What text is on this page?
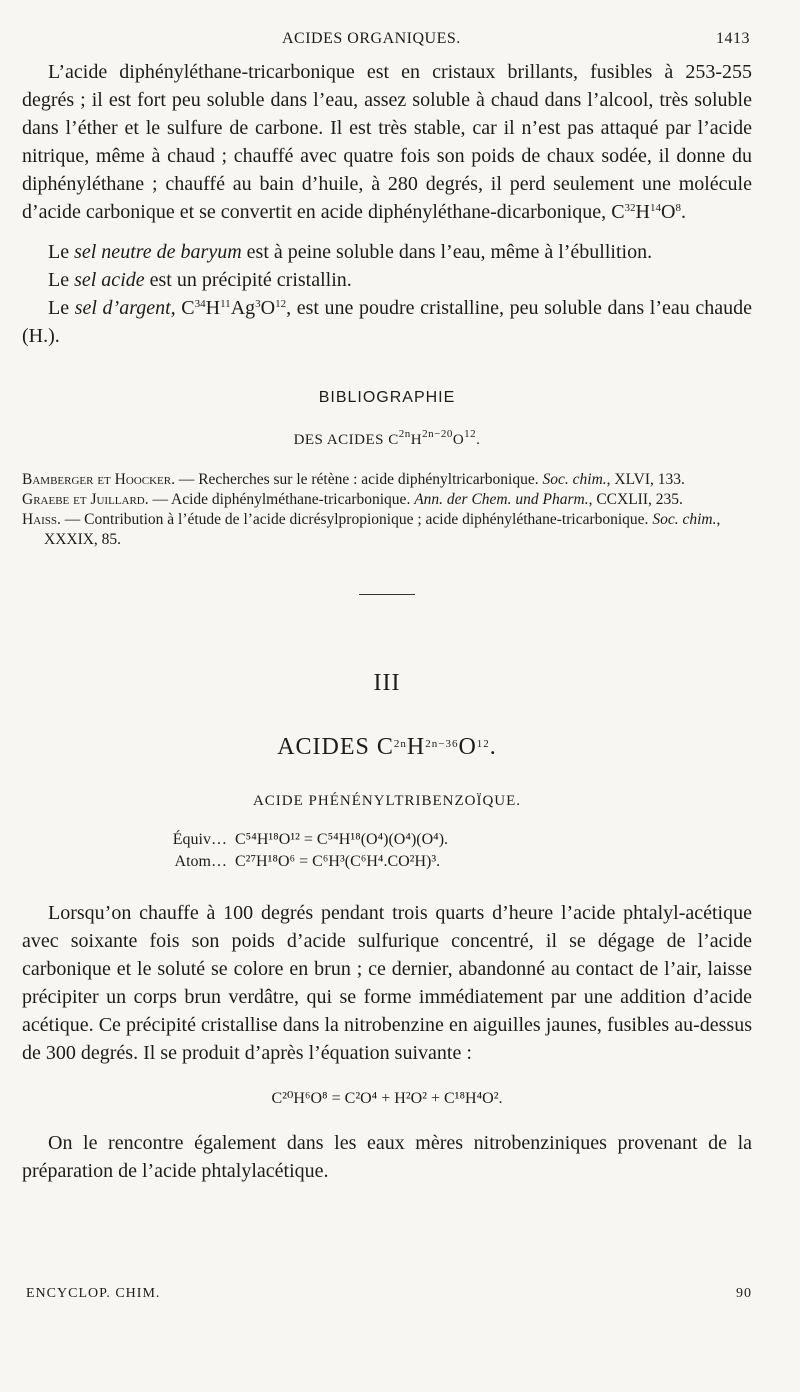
ACIDES ORGANIQUES.	1413

L’acide diphényléthane-tricarbonique est en cristaux brillants, fusibles à 253-255 degrés ; il est fort peu soluble dans l’eau, assez soluble à chaud dans l’alcool, très soluble dans l’éther et le sulfure de carbone. Il est très stable, car il n’est pas attaqué par l’acide nitrique, même à chaud ; chauffé avec quatre fois son poids de chaux sodée, il donne du diphényléthane ; chauffé au bain d’huile, à 280 degrés, il perd seulement une molécule d’acide carbonique et se convertit en acide diphényléthane-dicarbonique, $C^{32}H^{14}O^8$.

Le sel neutre de baryum est à peine soluble dans l’eau, même à l’ébullition.

Le sel acide est un précipité cristallin.

Le sel d’argent, $C^{34}H^{11}Ag^3O^{12}$, est une poudre cristalline, peu soluble dans l’eau chaude (H.).

BIBLIOGRAPHIE
DES ACIDES $C^{2n}H^{2n-20}O^{12}$.

Bamberger et Hoocker. — Recherches sur le rétène : acide diphényltricarbonique. Soc. chim., XLVI, 133.

Graebe et Juillard. — Acide diphénylméthane-tricarbonique. Ann. der Chem. und Pharm., CCXLII, 235.

Haiss. — Contribution à l’étude de l’acide dicrésylpropionique ; acide diphényléthane-tricarbonique. Soc. chim., XXXIX, 85.

III
ACIDES $C^{2n}H^{2n-36}O^{12}$.
ACIDE PHÉNÉNYLTRIBENZOÏQUE.
Équiv… C⁵⁴H¹⁸O¹² = C⁵⁴H¹⁸(O⁴)(O⁴)(O⁴).
Atom… C²⁷H¹⁸O⁶ = C⁶H³(C⁶H⁴.CO²H)³.

Lorsqu’on chauffe à 100 degrés pendant trois quarts d’heure l’acide phtalyl-acétique avec soixante fois son poids d’acide sulfurique concentré, il se dégage de l’acide carbonique et le soluté se colore en brun ; ce dernier, abandonné au contact de l’air, laisse précipiter un corps brun verdâtre, qui se forme immédiatement par une addition d’acide acétique. Ce précipité cristallise dans la nitrobenzine en aiguilles jaunes, fusibles au-dessus de 300 degrés. Il se produit d’après l’équation suivante :

C²⁰H⁶O⁸ = C²O⁴ + H²O² + C¹⁸H⁴O².

On le rencontre également dans les eaux mères nitrobenziniques provenant de la préparation de l’acide phtalylacétique.

ENCYCLOP. CHIM.	90
